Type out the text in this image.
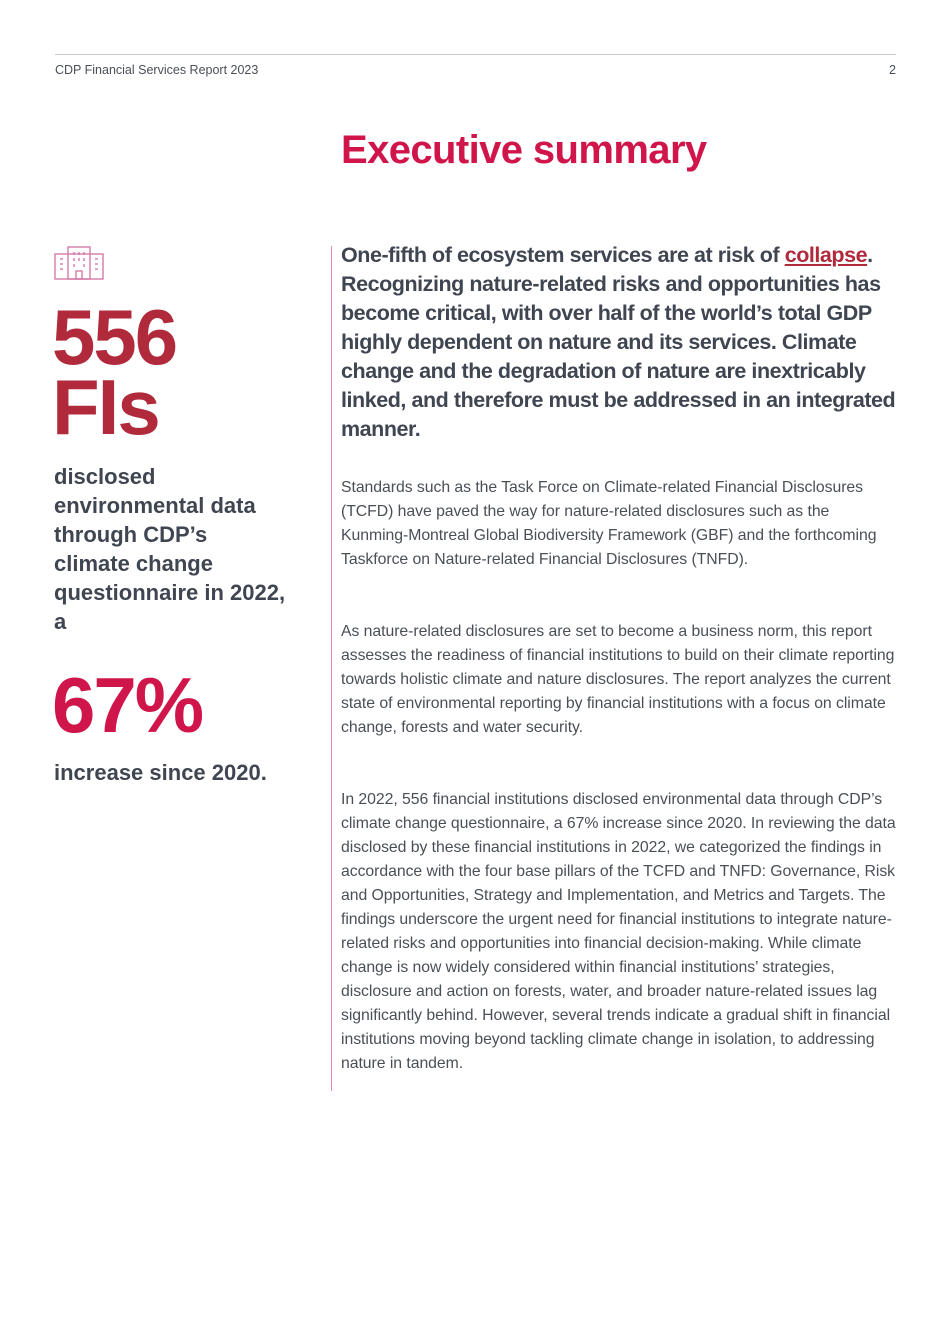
CDP Financial Services Report 2023	2
Executive summary
556
FIs
disclosed environmental data through CDP’s climate change questionnaire in 2022, a
67%
increase since 2020.

One-fifth of ecosystem services are at risk of collapse. Recognizing nature-related risks and opportunities has become critical, with over half of the world’s total GDP highly dependent on nature and its services. Climate change and the degradation of nature are inextricably linked, and therefore must be addressed in an integrated manner.

Standards such as the Task Force on Climate-related Financial Disclosures (TCFD) have paved the way for nature-related disclosures such as the Kunming-Montreal Global Biodiversity Framework (GBF) and the forthcoming Taskforce on Nature-related Financial Disclosures (TNFD).

As nature-related disclosures are set to become a business norm, this report assesses the readiness of financial institutions to build on their climate reporting towards holistic climate and nature disclosures. The report analyzes the current state of environmental reporting by financial institutions with a focus on climate change, forests and water security.

In 2022, 556 financial institutions disclosed environmental data through CDP’s climate change questionnaire, a 67% increase since 2020. In reviewing the data disclosed by these financial institutions in 2022, we categorized the findings in accordance with the four base pillars of the TCFD and TNFD: Governance, Risk and Opportunities, Strategy and Implementation, and Metrics and Targets. The findings underscore the urgent need for financial institutions to integrate nature-related risks and opportunities into financial decision-making. While climate change is now widely considered within financial institutions’ strategies, disclosure and action on forests, water, and broader nature-related issues lag significantly behind. However, several trends indicate a gradual shift in financial institutions moving beyond tackling climate change in isolation, to addressing nature in tandem.
